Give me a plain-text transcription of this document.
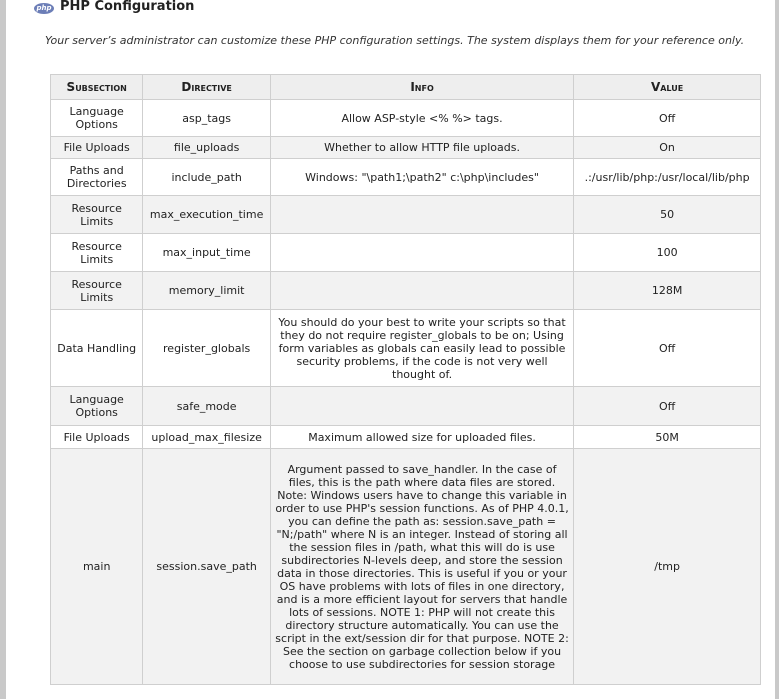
php PHP Configuration
Your server’s administrator can customize these PHP configuration settings. The system displays them for your reference only.
Subsection	Directive	Info	Value
Language Options	asp_tags	Allow ASP-style <% %> tags.	Off
File Uploads	file_uploads	Whether to allow HTTP file uploads.	On
Paths and Directories	include_path	Windows: "\path1;\path2" c:\php\includes"	.:/usr/lib/php:/usr/local/lib/php
Resource Limits	max_execution_time		50
Resource Limits	max_input_time		100
Resource Limits	memory_limit		128M
Data Handling	register_globals	You should do your best to write your scripts so that they do not require register_globals to be on; Using form variables as globals can easily lead to possible security problems, if the code is not very well thought of.	Off
Language Options	safe_mode		Off
File Uploads	upload_max_filesize	Maximum allowed size for uploaded files.	50M
main	session.save_path	Argument passed to save_handler. In the case of files, this is the path where data files are stored. Note: Windows users have to change this variable in order to use PHP's session functions. As of PHP 4.0.1, you can define the path as: session.save_path = "N;/path" where N is an integer. Instead of storing all the session files in /path, what this will do is use subdirectories N-levels deep, and store the session data in those directories. This is useful if you or your OS have problems with lots of files in one directory, and is a more efficient layout for servers that handle lots of sessions. NOTE 1: PHP will not create this directory structure automatically. You can use the script in the ext/session dir for that purpose. NOTE 2: See the section on garbage collection below if you choose to use subdirectories for session storage	/tmp
